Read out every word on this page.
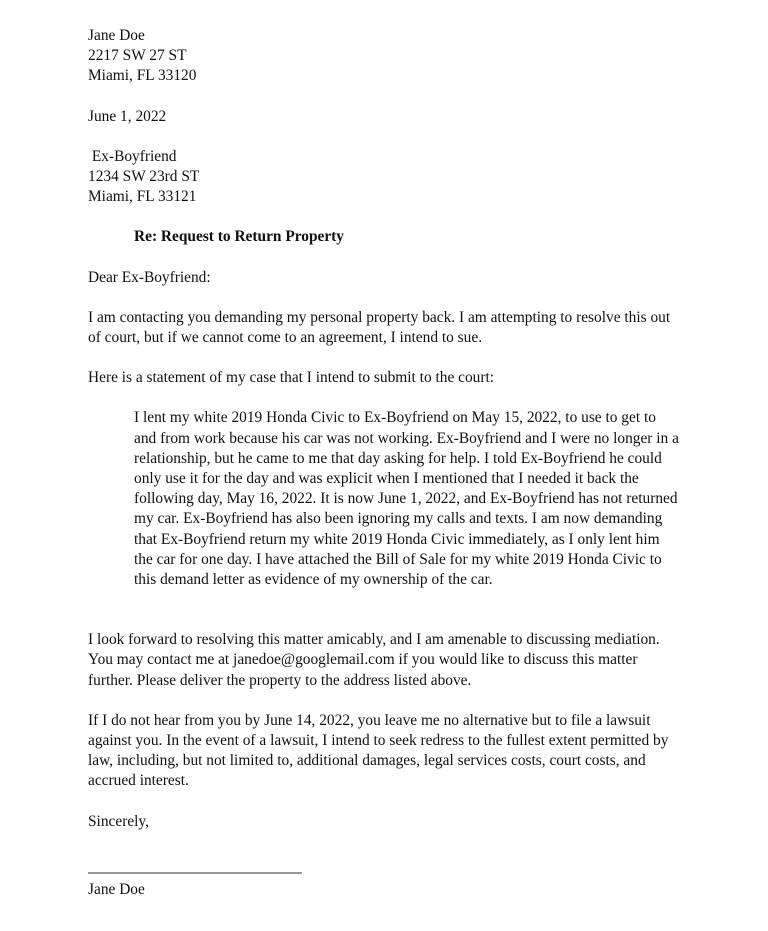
Jane Doe
2217 SW 27 ST
Miami, FL 33120
June 1, 2022
Ex-Boyfriend
1234 SW 23rd ST
Miami, FL 33121
Re: Request to Return Property
Dear Ex-Boyfriend:
I am contacting you demanding my personal property back. I am attempting to resolve this out of court, but if we cannot come to an agreement, I intend to sue.
Here is a statement of my case that I intend to submit to the court:
I lent my white 2019 Honda Civic to Ex-Boyfriend on May 15, 2022, to use to get to and from work because his car was not working. Ex-Boyfriend and I were no longer in a relationship, but he came to me that day asking for help. I told Ex-Boyfriend he could only use it for the day and was explicit when I mentioned that I needed it back the following day, May 16, 2022. It is now June 1, 2022, and Ex-Boyfriend has not returned my car. Ex-Boyfriend has also been ignoring my calls and texts. I am now demanding that Ex-Boyfriend return my white 2019 Honda Civic immediately, as I only lent him the car for one day. I have attached the Bill of Sale for my white 2019 Honda Civic to this demand letter as evidence of my ownership of the car.
I look forward to resolving this matter amicably, and I am amenable to discussing mediation. You may contact me at janedoe@googlemail.com if you would like to discuss this matter further. Please deliver the property to the address listed above.
If I do not hear from you by June 14, 2022, you leave me no alternative but to file a lawsuit against you. In the event of a lawsuit, I intend to seek redress to the fullest extent permitted by law, including, but not limited to, additional damages, legal services costs, court costs, and accrued interest.
Sincerely,
Jane Doe
